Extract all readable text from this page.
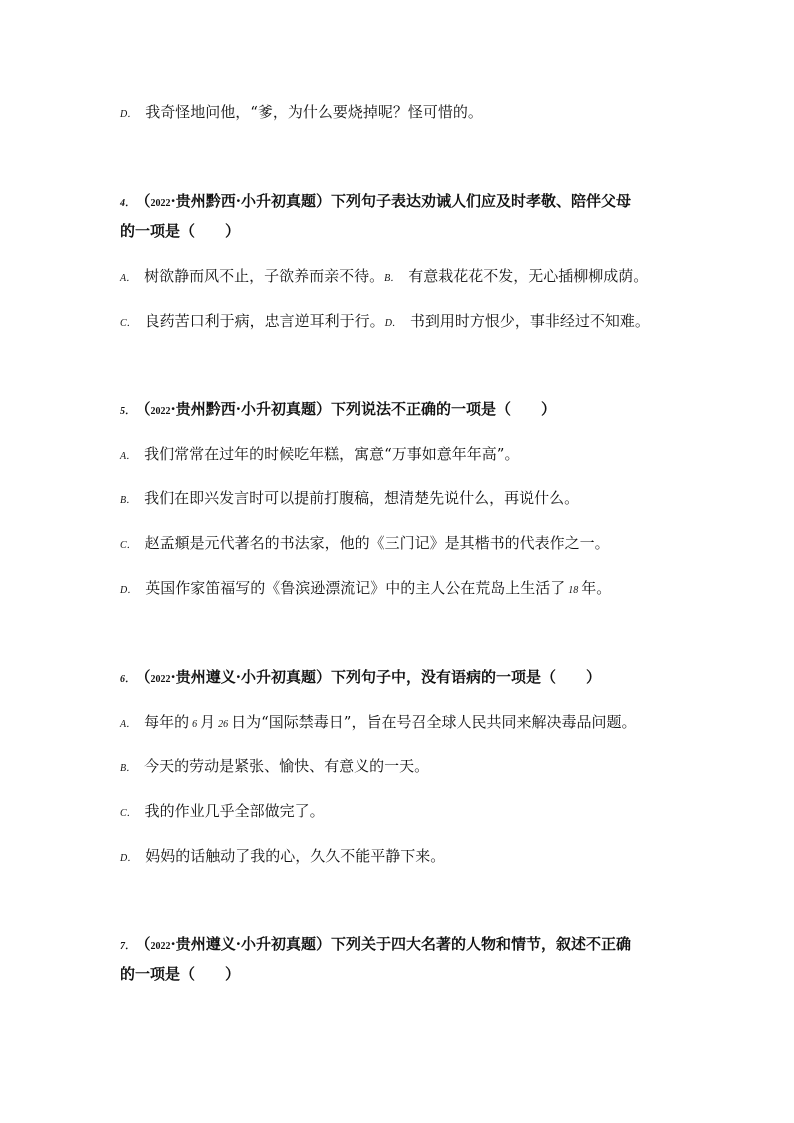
D． 我奇怪地问他，“爹，为什么要烧掉呢？怪可惜的。
4． （2022·贵州黔西·小升初真题）下列句子表达劝诫人们应及时孝敬、陪伴父母
的一项是（　　）
A． 树欲静而风不止，子欲养而亲不待。B． 有意栽花花不发，无心插柳柳成荫。
C． 良药苦口利于病，忠言逆耳利于行。D． 书到用时方恨少，事非经过不知难。
5． （2022·贵州黔西·小升初真题）下列说法不正确的一项是（　　）
A． 我们常常在过年的时候吃年糕，寓意“万事如意年年高”。
B． 我们在即兴发言时可以提前打腹稿，想清楚先说什么，再说什么。
C． 赵孟頫是元代著名的书法家，他的《三门记》是其楷书的代表作之一。
D． 英国作家笛福写的《鲁滨逊漂流记》中的主人公在荒岛上生活了 18 年。
6． （2022·贵州遵义·小升初真题）下列句子中，没有语病的一项是（　　）
A． 每年的 6 月 26 日为“国际禁毒日”，旨在号召全球人民共同来解决毒品问题。
B． 今天的劳动是紧张、愉快、有意义的一天。
C． 我的作业几乎全部做完了。
D． 妈妈的话触动了我的心，久久不能平静下来。
7． （2022·贵州遵义·小升初真题）下列关于四大名著的人物和情节，叙述不正确
的一项是（　　）
